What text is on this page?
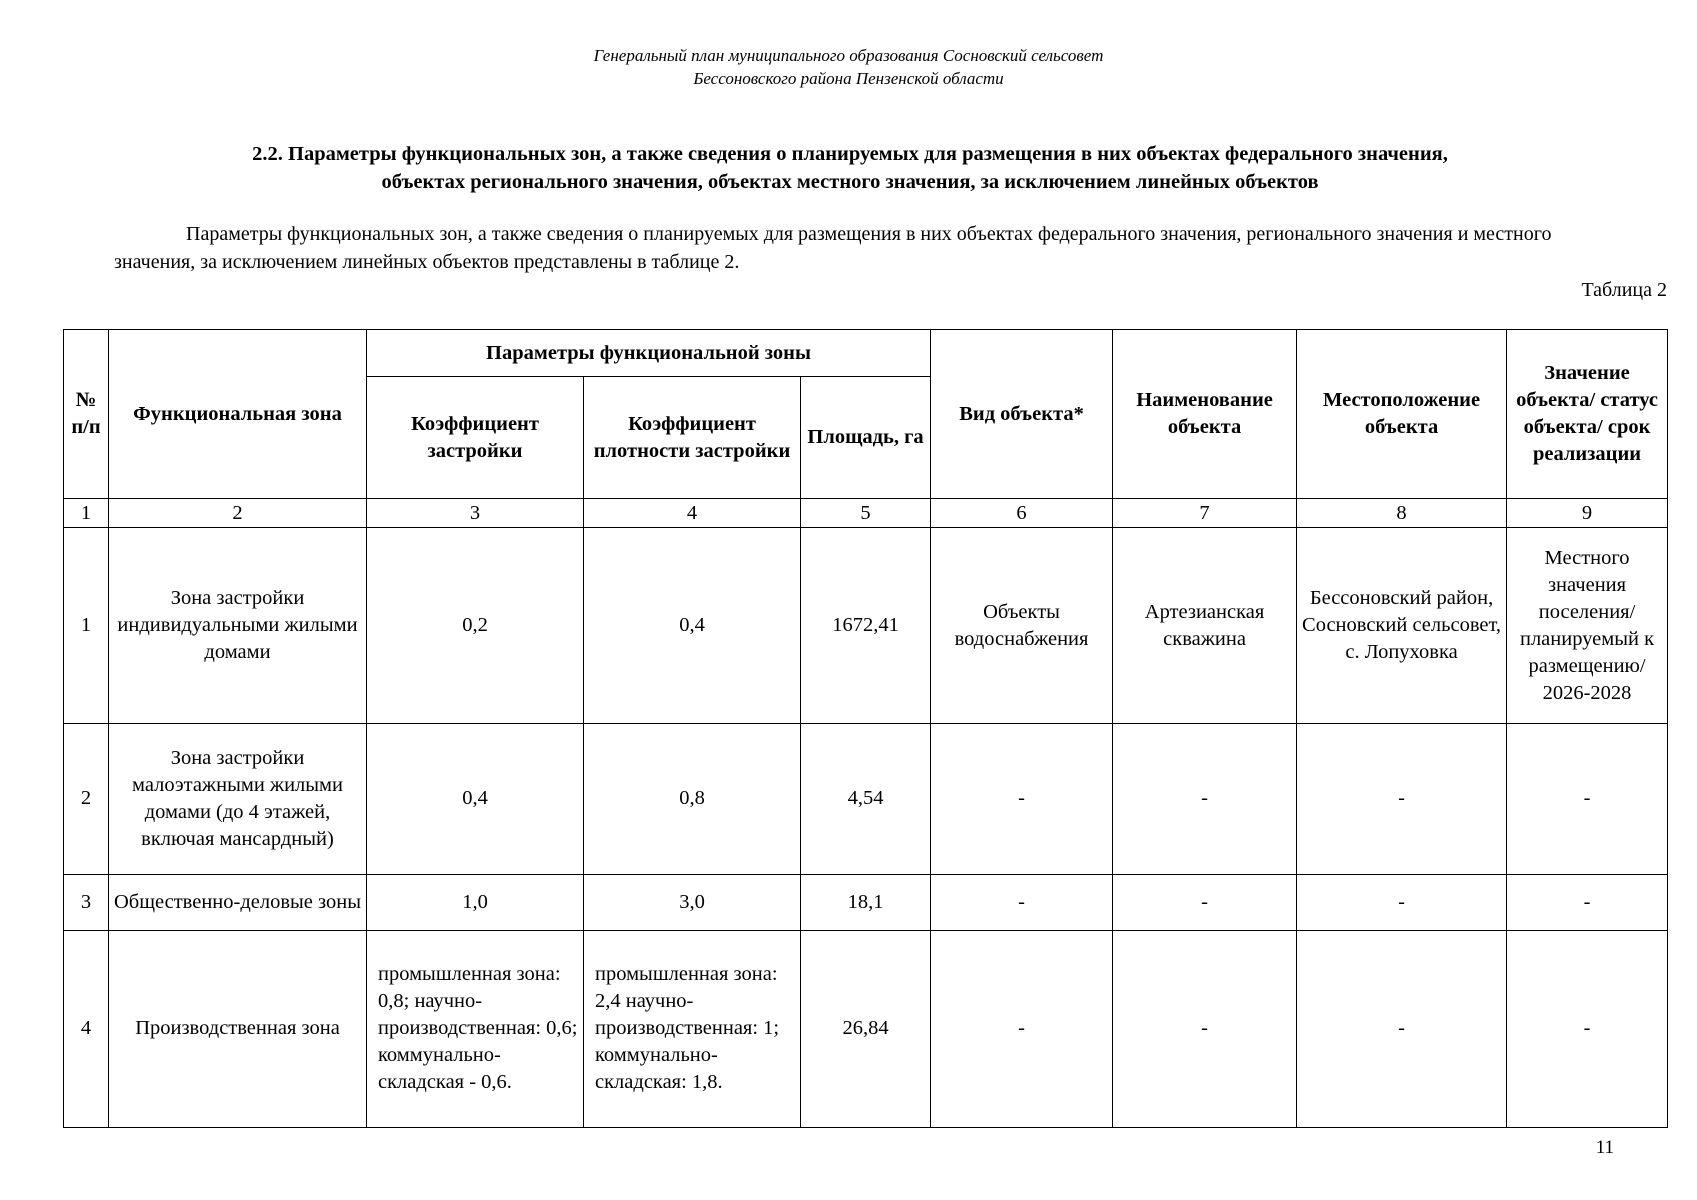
Генеральный план муниципального образования Сосновский сельсовет
Бессоновского района Пензенской области
2.2. Параметры функциональных зон, а также сведения о планируемых для размещения в них объектах федерального значения,
объектах регионального значения, объектах местного значения, за исключением линейных объектов
Параметры функциональных зон, а также сведения о планируемых для размещения в них объектах федерального значения, регионального значения и местного значения, за исключением линейных объектов представлены в таблице 2.
Таблица 2
№ п/п	Функциональная зона	Параметры функциональной зоны			Вид объекта*	Наименование объекта	Местоположение объекта	Значение объекта/ статус объекта/ срок реализации
		Коэффициент застройки	Коэффициент плотности застройки	Площадь, га				
1	2	3	4	5	6	7	8	9
1	Зона застройки индивидуальными жилыми домами	0,2	0,4	1672,41	Объекты водоснабжения	Артезианская скважина	Бессоновский район, Сосновский сельсовет, с. Лопуховка	Местного значения поселения/ планируемый к размещению/ 2026-2028
2	Зона застройки малоэтажными жилыми домами (до 4 этажей, включая мансардный)	0,4	0,8	4,54	-	-	-	-
3	Общественно-деловые зоны	1,0	3,0	18,1	-	-	-	-
4	Производственная зона	промышленная зона: 0,8; научно-производственная: 0,6; коммунально-складская - 0,6.	промышленная зона: 2,4 научно-производственная: 1; коммунально-складская: 1,8.	26,84	-	-	-	-
11
